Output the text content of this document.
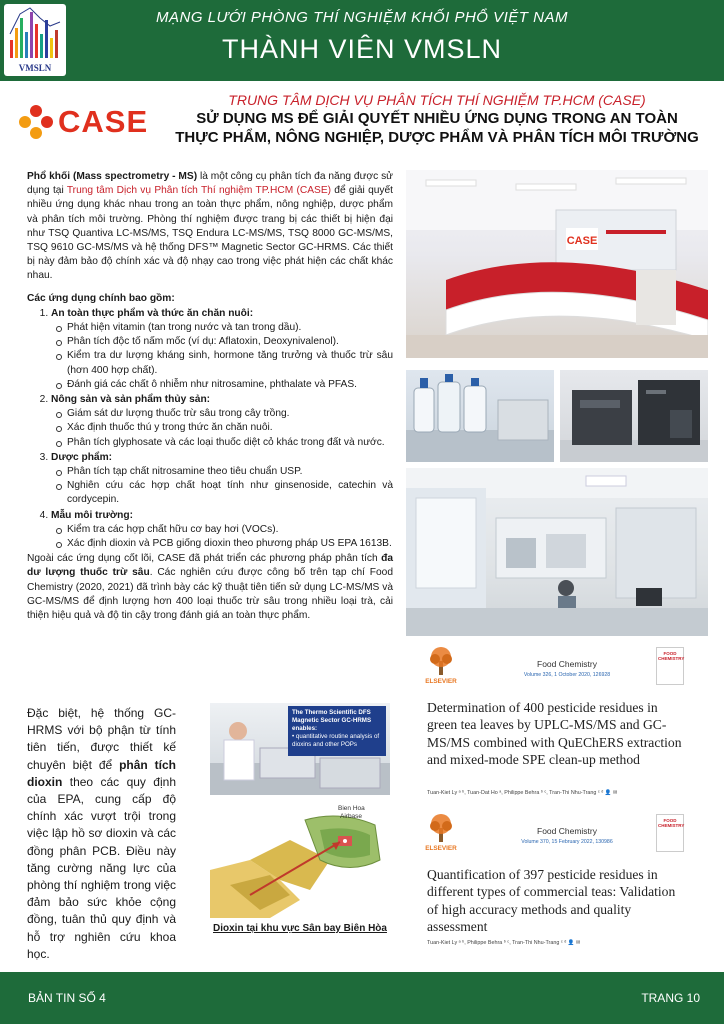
VMSLN
MẠNG LƯỚI PHÒNG THÍ NGHIỆM KHỐI PHỔ VIỆT NAM
THÀNH VIÊN VMSLN
CASE
TRUNG TÂM DỊCH VỤ PHÂN TÍCH THÍ NGHIỆM TP.HCM (CASE)
SỬ DỤNG MS ĐỂ GIẢI QUYẾT NHIỀU ỨNG DỤNG TRONG AN TOÀN
THỰC PHẨM, NÔNG NGHIỆP, DƯỢC PHẨM VÀ PHÂN TÍCH MÔI TRƯỜNG

Phổ khối (Mass spectrometry - MS) là một công cụ phân tích đa năng được sử dụng tại Trung tâm Dịch vụ Phân tích Thí nghiệm TP.HCM (CASE) để giải quyết nhiều ứng dụng khác nhau trong an toàn thực phẩm, nông nghiệp, dược phẩm và phân tích môi trường. Phòng thí nghiệm được trang bị các thiết bị hiện đại như TSQ Quantiva LC-MS/MS, TSQ Endura LC-MS/MS, TSQ 8000 GC-MS/MS, TSQ 9610 GC-MS/MS và hệ thống DFS™ Magnetic Sector GC-HRMS. Các thiết bị này đảm bảo độ chính xác và độ nhạy cao trong việc phát hiện các chất khác nhau.

Các ứng dụng chính bao gồm:
1. An toàn thực phẩm và thức ăn chăn nuôi:
Phát hiện vitamin (tan trong nước và tan trong dầu).
Phân tích độc tố nấm mốc (ví dụ: Aflatoxin, Deoxynivalenol).
Kiểm tra dư lượng kháng sinh, hormone tăng trưởng và thuốc trừ sâu (hơn 400 hợp chất).
Đánh giá các chất ô nhiễm như nitrosamine, phthalate và PFAS.
2. Nông sản và sản phẩm thủy sản:
Giám sát dư lượng thuốc trừ sâu trong cây trồng.
Xác định thuốc thú y trong thức ăn chăn nuôi.
Phân tích glyphosate và các loại thuốc diệt cỏ khác trong đất và nước.
3. Dược phẩm:
Phân tích tạp chất nitrosamine theo tiêu chuẩn USP.
Nghiên cứu các hợp chất hoạt tính như ginsenoside, catechin và cordycepin.
4. Mẫu môi trường:
Kiểm tra các hợp chất hữu cơ bay hơi (VOCs).
Xác định dioxin và PCB giống dioxin theo phương pháp US EPA 1613B.

Ngoài các ứng dụng cốt lõi, CASE đã phát triển các phương pháp phân tích đa dư lượng thuốc trừ sâu. Các nghiên cứu được công bố trên tạp chí Food Chemistry (2020, 2021) đã trình bày các kỹ thuật tiên tiến sử dụng LC-MS/MS và GC-MS/MS để định lượng hơn 400 loại thuốc trừ sâu trong nhiều loại trà, cải thiện hiệu quả và độ tin cậy trong đánh giá an toàn thực phẩm.

Đặc biệt, hệ thống GC-HRMS với bộ phận từ tính tiên tiến, được thiết kế chuyên biệt để phân tích dioxin theo các quy định của EPA, cung cấp độ chính xác vượt trội trong việc lập hồ sơ dioxin và các đồng phân PCB. Điều này tăng cường năng lực của phòng thí nghiệm trong việc đảm bảo sức khỏe cộng đồng, tuân thủ quy định và hỗ trợ nghiên cứu khoa học.
CASE
The Thermo Scientific DFS Magnetic Sector GC-HRMS enables:
• quantitative routine analysis of dioxins and other POPs
Bien Hoa
Airbase
Dioxin tại khu vực Sân bay Biên Hòa
ELSEVIER
Food Chemistry
Volume 326, 1 October 2020, 126928
FOOD CHEMISTRY
Determination of 400 pesticide residues in green tea leaves by UPLC-MS/MS and GC-MS/MS combined with QuEChERS extraction and mixed-mode SPE clean-up method
Tuan-Kiet Ly ᵃ ᵇ, Tuan-Dat Ho ᵃ, Philippe Behra ᵇ ᶜ, Tran-Thi Nhu-Trang ᶜ ᵈ 👤 ✉
ELSEVIER
Food Chemistry
Volume 370, 15 February 2022, 130986
FOOD CHEMISTRY
Quantification of 397 pesticide residues in different types of commercial teas: Validation of high accuracy methods and quality assessment
Tuan-Kiet Ly ᵃ ᵇ, Philippe Behra ᵇ ᶜ, Tran-Thi Nhu-Trang ᶜ ᵈ 👤 ✉
BẢN TIN SỐ 4	TRANG 10
